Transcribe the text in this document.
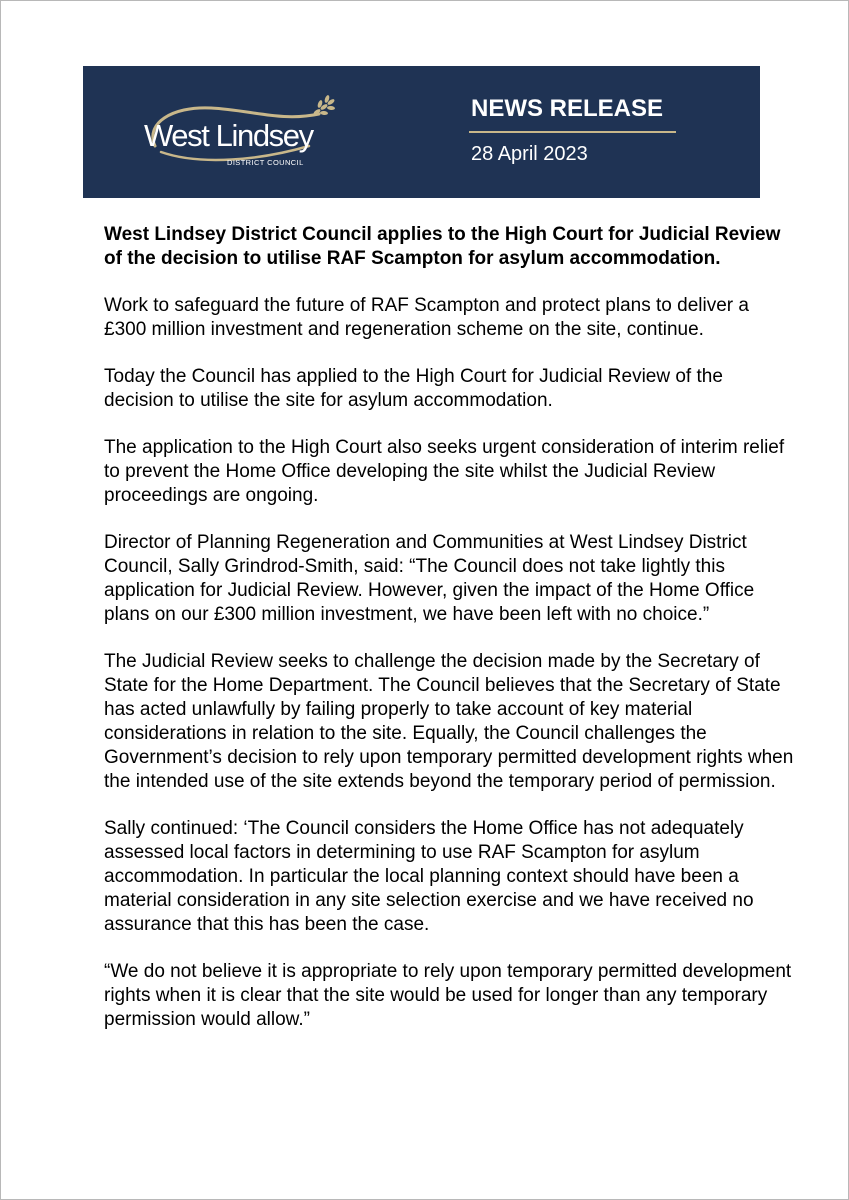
West Lindsey
DISTRICT COUNCIL
NEWS RELEASE
28 April 2023

West Lindsey District Council applies to the High Court for Judicial Review of the decision to utilise RAF Scampton for asylum accommodation.

Work to safeguard the future of RAF Scampton and protect plans to deliver a £300 million investment and regeneration scheme on the site, continue.

Today the Council has applied to the High Court for Judicial Review of the decision to utilise the site for asylum accommodation.

The application to the High Court also seeks urgent consideration of interim relief to prevent the Home Office developing the site whilst the Judicial Review proceedings are ongoing.

Director of Planning Regeneration and Communities at West Lindsey District Council, Sally Grindrod-Smith, said: “The Council does not take lightly this application for Judicial Review. However, given the impact of the Home Office plans on our £300 million investment, we have been left with no choice.”

The Judicial Review seeks to challenge the decision made by the Secretary of State for the Home Department. The Council believes that the Secretary of State has acted unlawfully by failing properly to take account of key material considerations in relation to the site. Equally, the Council challenges the Government’s decision to rely upon temporary permitted development rights when the intended use of the site extends beyond the temporary period of permission.

Sally continued: ‘The Council considers the Home Office has not adequately assessed local factors in determining to use RAF Scampton for asylum accommodation. In particular the local planning context should have been a material consideration in any site selection exercise and we have received no assurance that this has been the case.

“We do not believe it is appropriate to rely upon temporary permitted development rights when it is clear that the site would be used for longer than any temporary permission would allow.”
